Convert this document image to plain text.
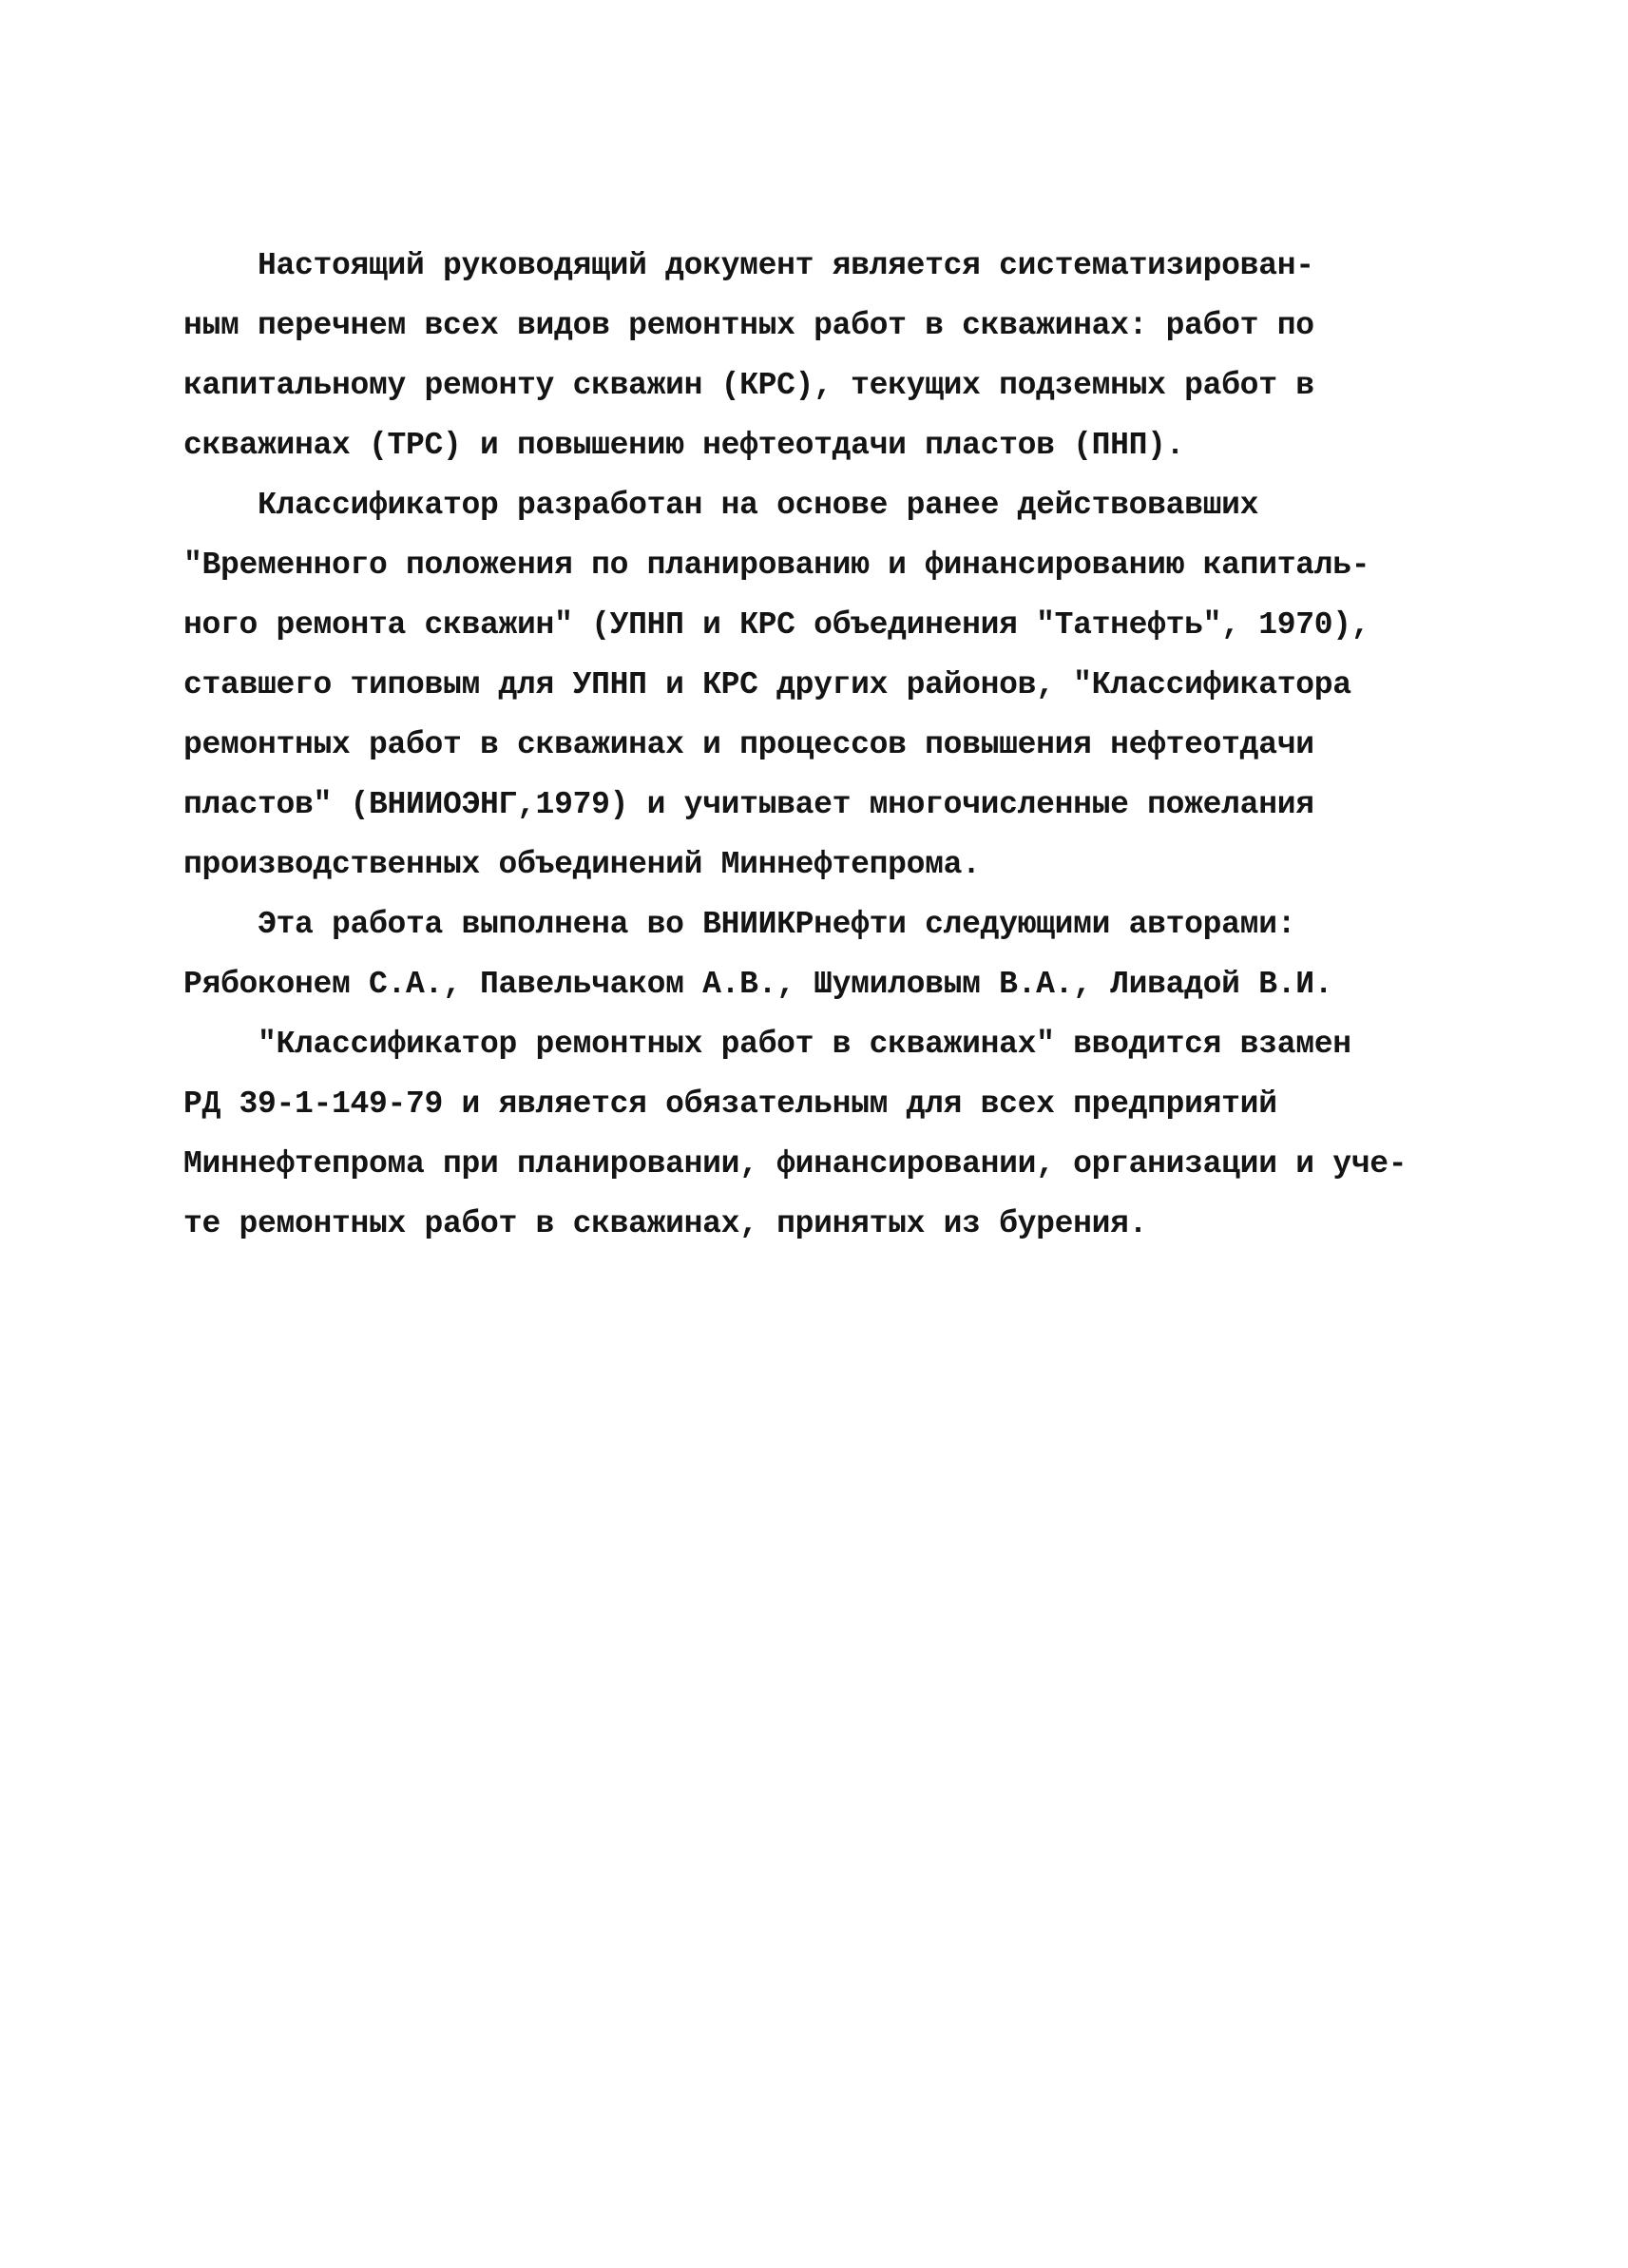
Настоящий руководящий документ является систематизирован-
ным перечнем всех видов ремонтных работ в скважинах: работ по
капитальному ремонту скважин (КРС), текущих подземных работ в
скважинах (ТРС) и повышению нефтеотдачи пластов (ПНП).
Классификатор разработан на основе ранее действовавших
"Временного положения по планированию и финансированию капиталь-
ного ремонта скважин" (УПНП и КРС объединения "Татнефть", 1970),
ставшего типовым для УПНП и КРС других районов, "Классификатора
ремонтных работ в скважинах и процессов повышения нефтеотдачи
пластов" (ВНИИОЭНГ,1979) и учитывает многочисленные пожелания
производственных объединений Миннефтепрома.
Эта работа выполнена во ВНИИКРнефти следующими авторами:
Рябоконем С.А., Павельчаком А.В., Шумиловым В.А., Ливадой В.И.
"Классификатор ремонтных работ в скважинах" вводится взамен
РД 39-1-149-79 и является обязательным для всех предприятий
Миннефтепрома при планировании, финансировании, организации и уче-
те ремонтных работ в скважинах, принятых из бурения.
